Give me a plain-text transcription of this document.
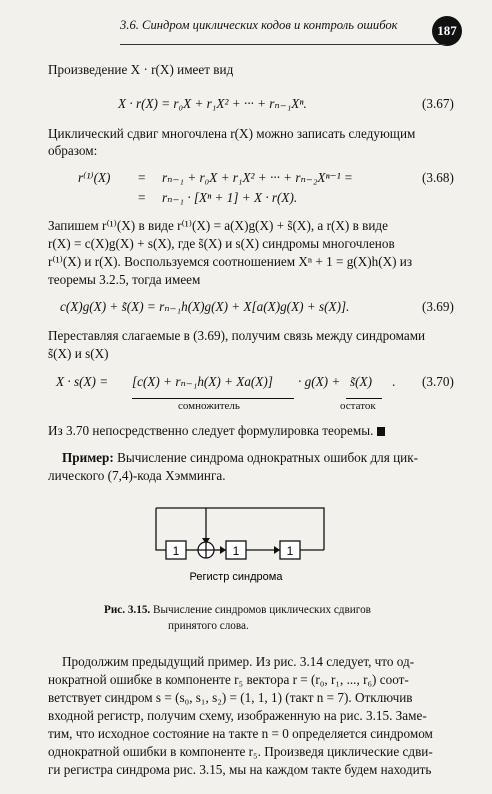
3.6. Синдром циклических кодов и контроль ошибок	187
Произведение X · r(X) имеет вид
X · r(X) = r₀X + r₁X² + ··· + rₙ₋₁Xⁿ.	(3.67)
Циклический сдвиг многочлена r(X) можно записать следующим
образом:
r⁽¹⁾(X) = rₙ₋₁ + r₀X + r₁X² + ··· + rₙ₋₂Xⁿ⁻¹ =	(3.68)
= rₙ₋₁ · [Xⁿ + 1] + X · r(X).
Запишем r⁽¹⁾(X) в виде r⁽¹⁾(X) = a(X)g(X) + s̃(X), а r(X) в виде
r(X) = c(X)g(X) + s(X), где s̃(X) и s(X) синдромы многочленов
r⁽¹⁾(X) и r(X). Воспользуемся соотношением Xⁿ + 1 = g(X)h(X) из
теоремы 3.2.5, тогда имеем
c(X)g(X) + s̃(X) = rₙ₋₁h(X)g(X) + X[a(X)g(X) + s(X)].	(3.69)
Переставляя слагаемые в (3.69), получим связь между синдромами
s̃(X) и s(X)
X · s(X) = [c(X) + rₙ₋₁h(X) + Xa(X)] · g(X) + s̃(X) . (3.70)
сомножитель	остаток
Из 3.70 непосредственно следует формулировка теоремы.
Пример: Вычисление синдрома однократных ошибок для цик-
лического (7,4)-кода Хэмминга.
1	1	1
Регистр синдрома
Рис. 3.15. Вычисление синдромов циклических сдвигов
принятого слова.
Продолжим предыдущий пример. Из рис. 3.14 следует, что од-
нократной ошибке в компоненте r₅ вектора r = (r₀, r₁, ..., r₆) соот-
ветствует синдром s = (s₀, s₁, s₂) = (1, 1, 1) (такт n = 7). Отключив
входной регистр, получим схему, изображенную на рис. 3.15. Заме-
тим, что исходное состояние на такте n = 0 определяется синдромом
однократной ошибки в компоненте r₅. Произведя циклические сдви-
ги регистра синдрома рис. 3.15, мы на каждом такте будем находить
